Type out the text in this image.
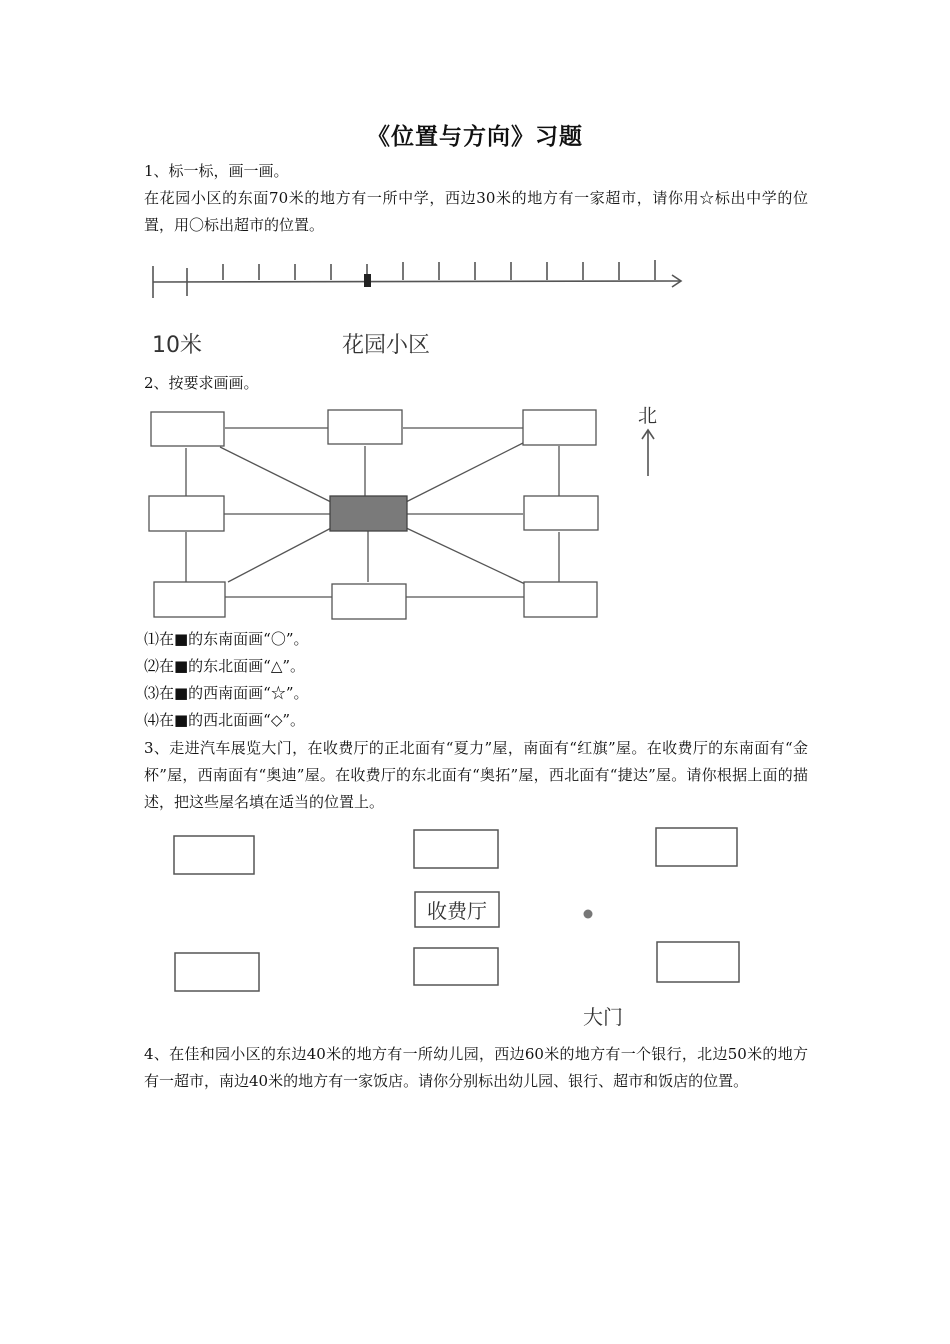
《位置与方向》习题
1、标一标，画一画。
在花园小区的东面70米的地方有一所中学，西边30米的地方有一家超市，请你用☆标出中学的位置，用〇标出超市的位置。
10米	花园小区
2、按要求画画。
北
⑴在■的东南面画“〇”。
⑵在■的东北面画“△”。
⑶在■的西南面画“☆”。
⑷在■的西北面画“◇”。
3、走进汽车展览大门，在收费厅的正北面有“夏力”屋，南面有“红旗”屋。在收费厅的东南面有“金杯”屋，西南面有“奥迪”屋。在收费厅的东北面有“奥拓”屋，西北面有“捷达”屋。请你根据上面的描述，把这些屋名填在适当的位置上。
收费厅
大门
4、在佳和园小区的东边40米的地方有一所幼儿园，西边60米的地方有一个银行，北边50米的地方有一超市，南边40米的地方有一家饭店。请你分别标出幼儿园、银行、超市和饭店的位置。
